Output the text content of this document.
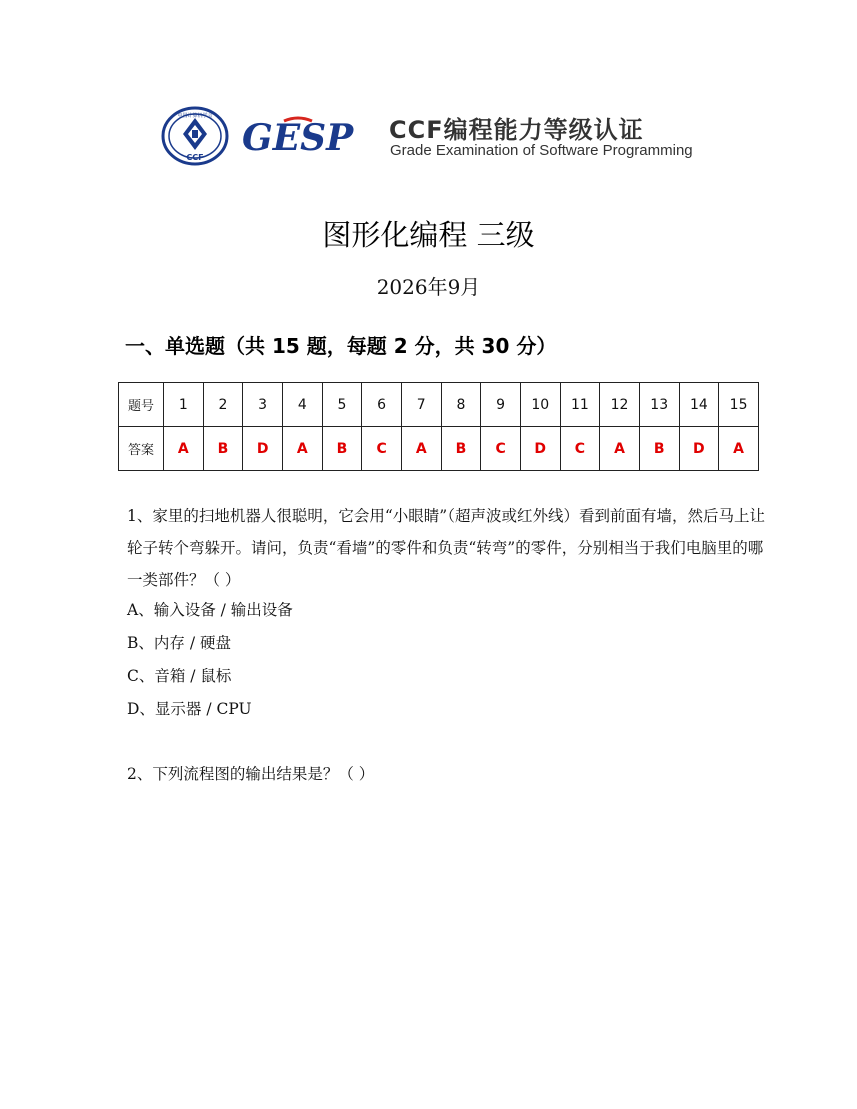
CCF
中国计算机学会
GESP CCF编程能力等级认证
Grade Examination of Software Programming
图形化编程 三级
2026年9月
一、单选题（共 15 题，每题 2 分，共 30 分）
题号	1	2	3	4	5	6	7	8	9	10	11	12	13	14	15
答案	A	B	D	A	B	C	A	B	C	D	C	A	B	D	A
1、家里的扫地机器人很聪明，它会用“小眼睛”（超声波或红外线）看到前面有墙，然后马上让轮子转个弯躲开。请问，负责“看墙”的零件和负责“转弯”的零件，分别相当于我们电脑里的哪一类部件？（ ）
A、输入设备 / 输出设备
B、内存 / 硬盘
C、音箱 / 鼠标
D、显示器 / CPU
2、下列流程图的输出结果是？（ ）
